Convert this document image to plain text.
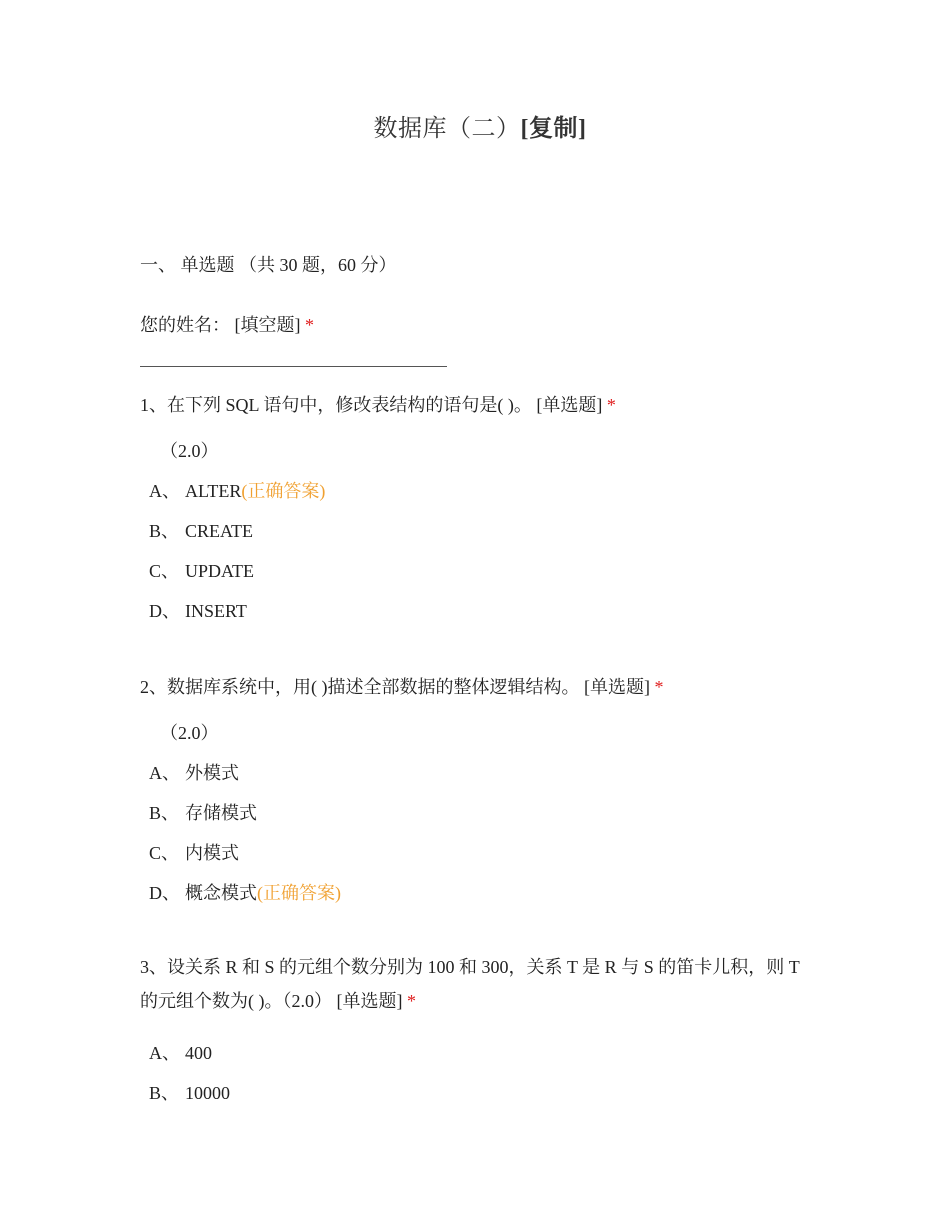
数据库（二）[复制]
一、 单选题 （共 30 题，60 分）
您的姓名： [填空题] *
1、在下列 SQL 语句中，修改表结构的语句是( )。 [单选题] *
（2.0）
A、 ALTER(正确答案)
B、 CREATE
C、 UPDATE
D、 INSERT
2、数据库系统中，用( )描述全部数据的整体逻辑结构。 [单选题] *
（2.0）
A、 外模式
B、 存储模式
C、 内模式
D、 概念模式(正确答案)
3、设关系 R 和 S 的元组个数分别为 100 和 300，关系 T 是 R 与 S 的笛卡儿积，则 T 的元组个数为( )。（2.0） [单选题] *
A、 400
B、 10000
